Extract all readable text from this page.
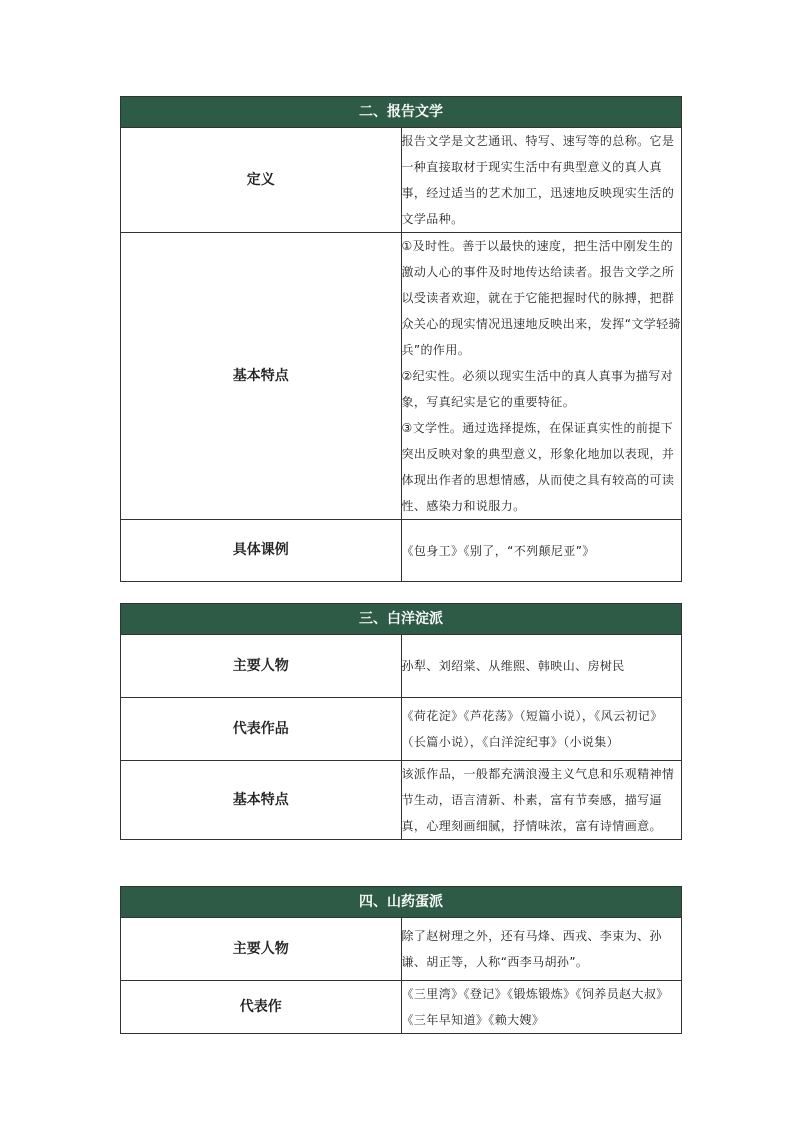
二、报告文学	
定义	报告文学是文艺通讯、特写、速写等的总称。它是一种直接取材于现实生活中有典型意义的真人真事，经过适当的艺术加工，迅速地反映现实生活的文学品种。
基本特点	①及时性。善于以最快的速度，把生活中刚发生的激动人心的事件及时地传达给读者。报告文学之所以受读者欢迎，就在于它能把握时代的脉搏，把群众关心的现实情况迅速地反映出来，发挥“文学轻骑兵”的作用。

②纪实性。必须以现实生活中的真人真事为描写对象，写真纪实是它的重要特征。

③文学性。通过选择提炼，在保证真实性的前提下突出反映对象的典型意义，形象化地加以表现，并体现出作者的思想情感，从而使之具有较高的可读性、感染力和说服力。

具体课例	《包身工》《别了，“不列颠尼亚”》
三、白洋淀派	
主要人物	孙犁、刘绍棠、从维熙、韩映山、房树民
代表作品	《荷花淀》《芦花荡》（短篇小说），《风云初记》（长篇小说），《白洋淀纪事》（小说集）
基本特点	该派作品，一般都充满浪漫主义气息和乐观精神情节生动，语言清新、朴素，富有节奏感，描写逼真，心理刻画细腻，抒情味浓，富有诗情画意。
四、山药蛋派	
主要人物	除了赵树理之外，还有马烽、西戎、李束为、孙谦、胡正等，人称“西李马胡孙”。
代表作	《三里湾》《登记》《锻炼锻炼》《饲养员赵大叔》《三年早知道》《赖大嫂》
